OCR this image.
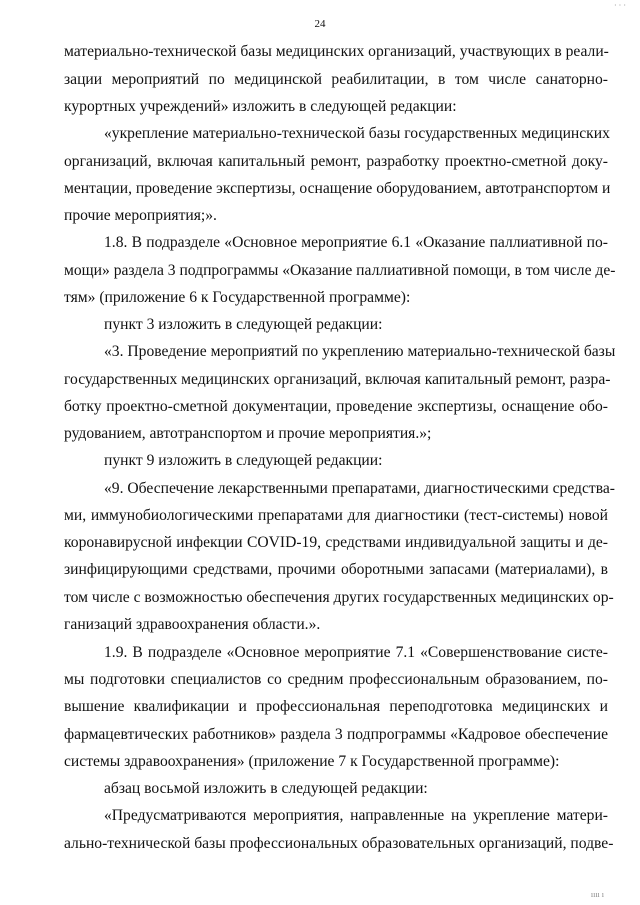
· · ·
24
материально-технической базы медицинских организаций, участвующих в реали-
зации мероприятий по медицинской реабилитации, в том числе санаторно-
курортных учреждений» изложить в следующей редакции:
«укрепление материально-технической базы государственных медицинских
организаций, включая капитальный ремонт, разработку проектно-сметной доку-
ментации, проведение экспертизы, оснащение оборудованием, автотранспортом и
прочие мероприятия;».
1.8. В подразделе «Основное мероприятие 6.1 «Оказание паллиативной по-
мощи» раздела 3 подпрограммы «Оказание паллиативной помощи, в том числе де-
тям» (приложение 6 к Государственной программе):
пункт 3 изложить в следующей редакции:
«3. Проведение мероприятий по укреплению материально-технической базы
государственных медицинских организаций, включая капитальный ремонт, разра-
ботку проектно-сметной документации, проведение экспертизы, оснащение обо-
рудованием, автотранспортом и прочие мероприятия.»;
пункт 9 изложить в следующей редакции:
«9. Обеспечение лекарственными препаратами, диагностическими средства-
ми, иммунобиологическими препаратами для диагностики (тест-системы) новой
коронавирусной инфекции COVID-19, средствами индивидуальной защиты и де-
зинфицирующими средствами, прочими оборотными запасами (материалами), в
том числе с возможностью обеспечения других государственных медицинских ор-
ганизаций здравоохранения области.».
1.9. В подразделе «Основное мероприятие 7.1 «Совершенствование систе-
мы подготовки специалистов со средним профессиональным образованием, по-
вышение квалификации и профессиональная переподготовка медицинских и
фармацевтических работников» раздела 3 подпрограммы «Кадровое обеспечение
системы здравоохранения» (приложение 7 к Государственной программе):
абзац восьмой изложить в следующей редакции:
«Предусматриваются мероприятия, направленные на укрепление матери-
ально-технической базы профессиональных образовательных организаций, подве-
ıııı ı
